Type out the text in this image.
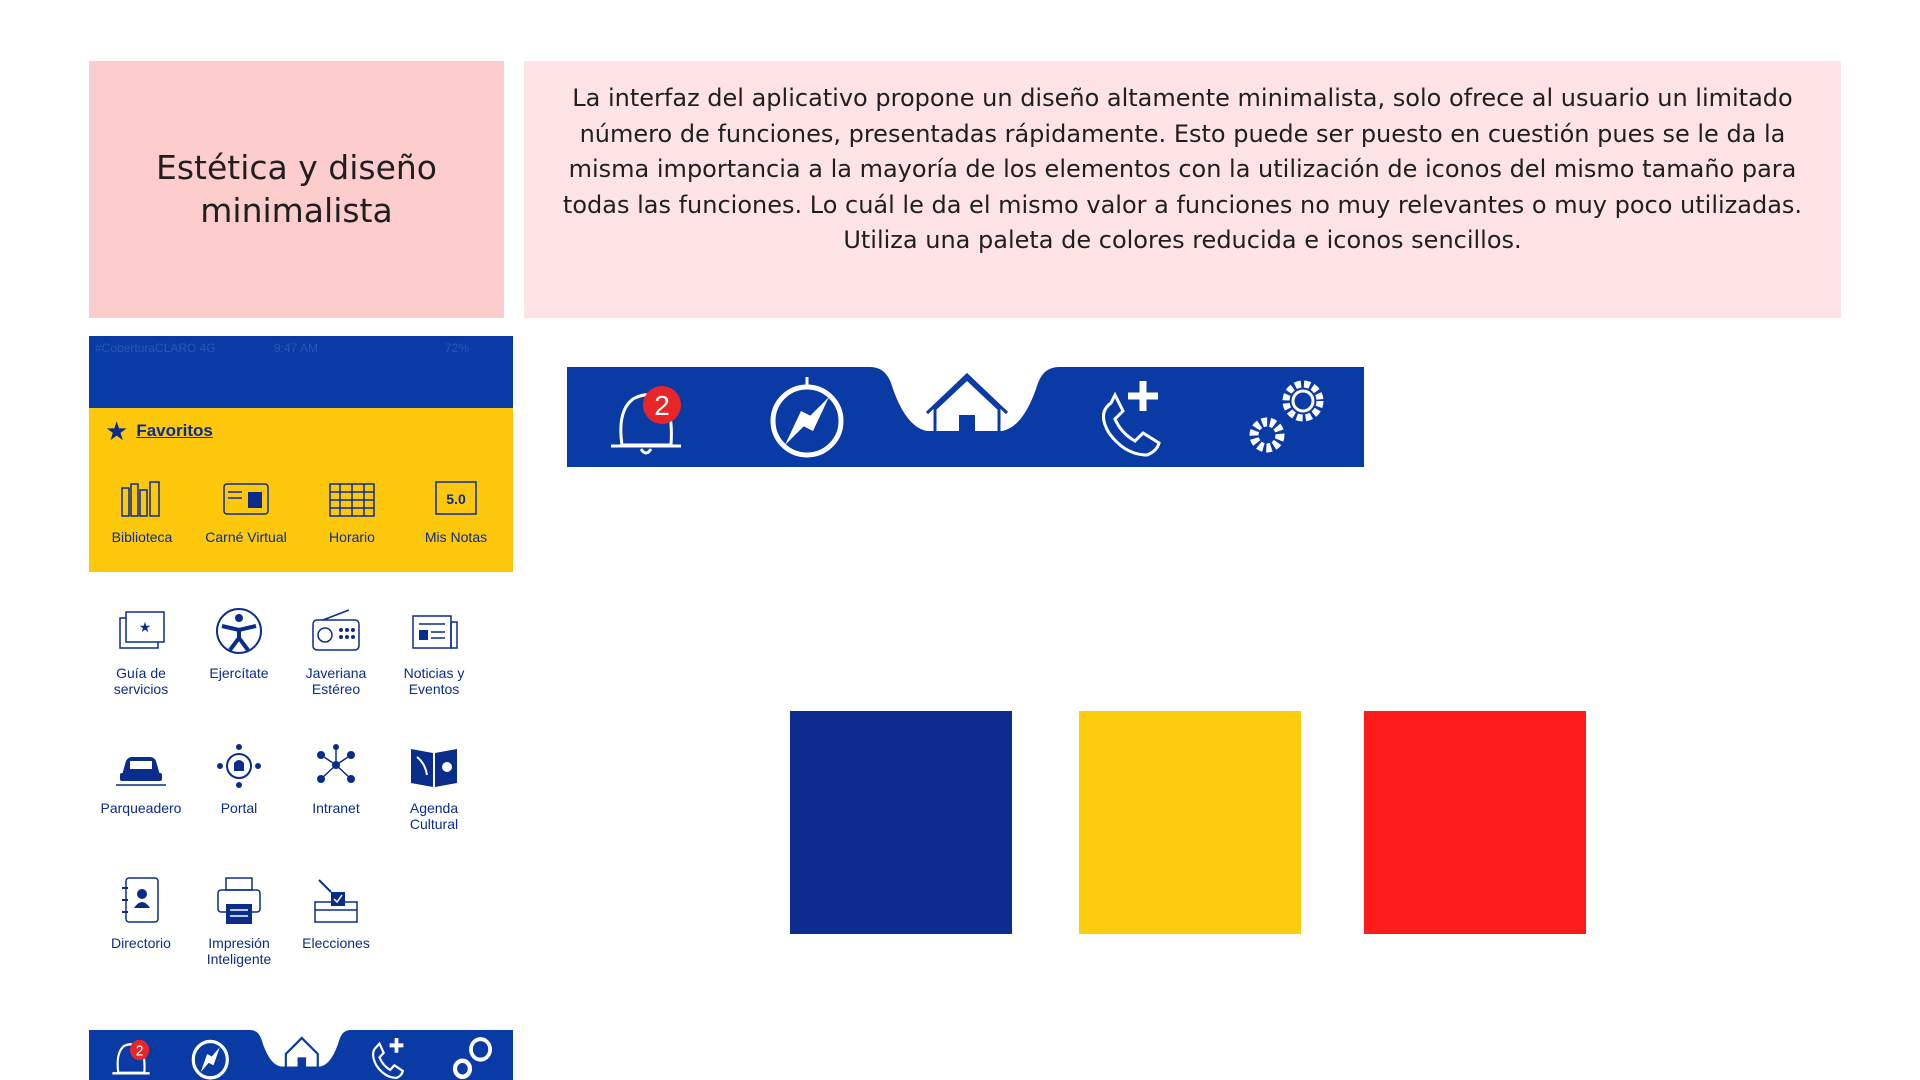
Estética y diseño minimalista

La interfaz del aplicativo propone un diseño altamente minimalista, solo ofrece al usuario un limitado número de funciones, presentadas rápidamente. Esto puede ser puesto en cuestión pues se le da la misma importancia a la mayoría de los elementos con la utilización de iconos del mismo tamaño para todas las funciones. Lo cuál le da el mismo valor a funciones no muy relevantes o muy poco utilizadas. Utiliza una paleta de colores reducida e iconos sencillos.

#CoberturaCLARO 4G	9:47 AM	72%
★ Favoritos
Biblioteca	Carné Virtual	Horario
5.0
Mis Notas
★
Guía de servicios
Ejercítate	Javeriana Estéreo
Noticias y Eventos
Parqueadero	Portal	Intranet	Agenda Cultural
Directorio	Impresión Inteligente
Elecciones
2
2
